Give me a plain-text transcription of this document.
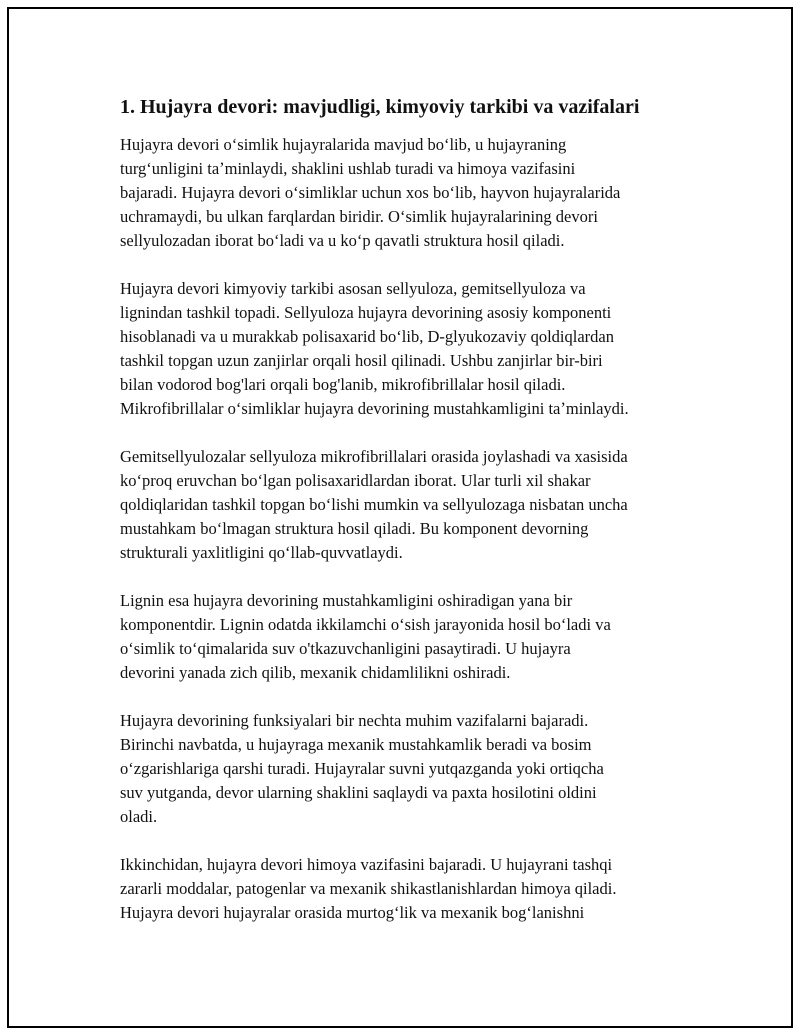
1. Hujayra devori: mavjudligi, kimyoviy tarkibi va vazifalari

Hujayra devori oʻsimlik hujayralarida mavjud boʻlib, u hujayraning
turgʻunligini taʼminlaydi, shaklini ushlab turadi va himoya vazifasini
bajaradi. Hujayra devori oʻsimliklar uchun xos boʻlib, hayvon hujayralarida
uchramaydi, bu ulkan farqlardan biridir. Oʻsimlik hujayralarining devori
sellyulozadan iborat boʻladi va u koʻp qavatli struktura hosil qiladi.

Hujayra devori kimyoviy tarkibi asosan sellyuloza, gemitsellyuloza va
lignindan tashkil topadi. Sellyuloza hujayra devorining asosiy komponenti
hisoblanadi va u murakkab polisaxarid boʻlib, D-glyukozaviy qoldiqlardan
tashkil topgan uzun zanjirlar orqali hosil qilinadi. Ushbu zanjirlar bir-biri
bilan vodorod bog'lari orqali bog'lanib, mikrofibrillalar hosil qiladi.
Mikrofibrillalar oʻsimliklar hujayra devorining mustahkamligini taʼminlaydi.

Gemitsellyulozalar sellyuloza mikrofibrillalari orasida joylashadi va xasisida
koʻproq eruvchan boʻlgan polisaxaridlardan iborat. Ular turli xil shakar
qoldiqlaridan tashkil topgan boʻlishi mumkin va sellyulozaga nisbatan uncha
mustahkam boʻlmagan struktura hosil qiladi. Bu komponent devorning
strukturali yaxlitligini qoʻllab-quvvatlaydi.

Lignin esa hujayra devorining mustahkamligini oshiradigan yana bir
komponentdir. Lignin odatda ikkilamchi oʻsish jarayonida hosil boʻladi va
oʻsimlik toʻqimalarida suv o'tkazuvchanligini pasaytiradi. U hujayra
devorini yanada zich qilib, mexanik chidamlilikni oshiradi.

Hujayra devorining funksiyalari bir nechta muhim vazifalarni bajaradi.
Birinchi navbatda, u hujayraga mexanik mustahkamlik beradi va bosim
oʻzgarishlariga qarshi turadi. Hujayralar suvni yutqazganda yoki ortiqcha
suv yutganda, devor ularning shaklini saqlaydi va paxta hosilotini oldini
oladi.

Ikkinchidan, hujayra devori himoya vazifasini bajaradi. U hujayrani tashqi
zararli moddalar, patogenlar va mexanik shikastlanishlardan himoya qiladi.
Hujayra devori hujayralar orasida murtogʻlik va mexanik bogʻlanishni
